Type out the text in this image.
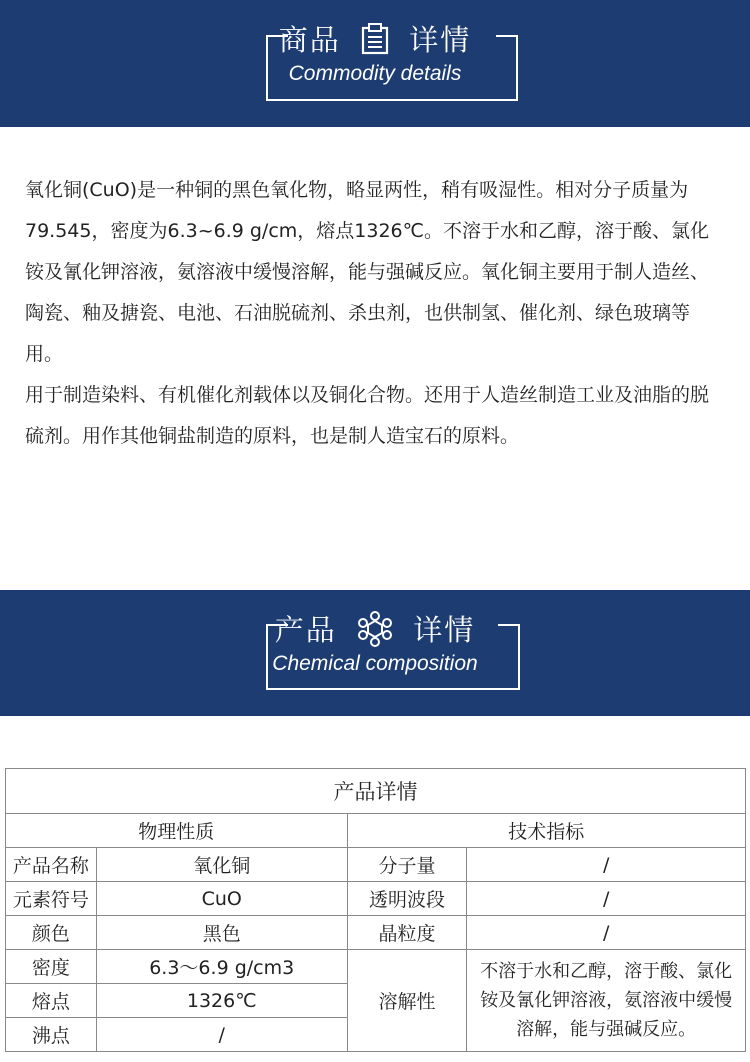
商品 详情
Commodity details

氧化铜(CuO)是一种铜的黑色氧化物，略显两性，稍有吸湿性。相对分子质量为79.545，密度为6.3~6.9 g/cm，熔点1326℃。不溶于水和乙醇，溶于酸、氯化铵及氰化钾溶液，氨溶液中缓慢溶解，能与强碱反应。氧化铜主要用于制人造丝、陶瓷、釉及搪瓷、电池、石油脱硫剂、杀虫剂，也供制氢、催化剂、绿色玻璃等用。

用于制造染料、有机催化剂载体以及铜化合物。还用于人造丝制造工业及油脂的脱硫剂。用作其他铜盐制造的原料，也是制人造宝石的原料。

产品	详情
Chemical composition
产品详情			
物理性质		技术指标	
产品名称	氧化铜	分子量	/
元素符号	CuO	透明波段	/
颜色	黑色	晶粒度	/
密度	6.3～6.9 g/cm3	溶解性	不溶于水和乙醇，溶于酸、氯化铵及氰化钾溶液，氨溶液中缓慢溶解，能与强碱反应。
熔点	1326℃		
沸点	/		
